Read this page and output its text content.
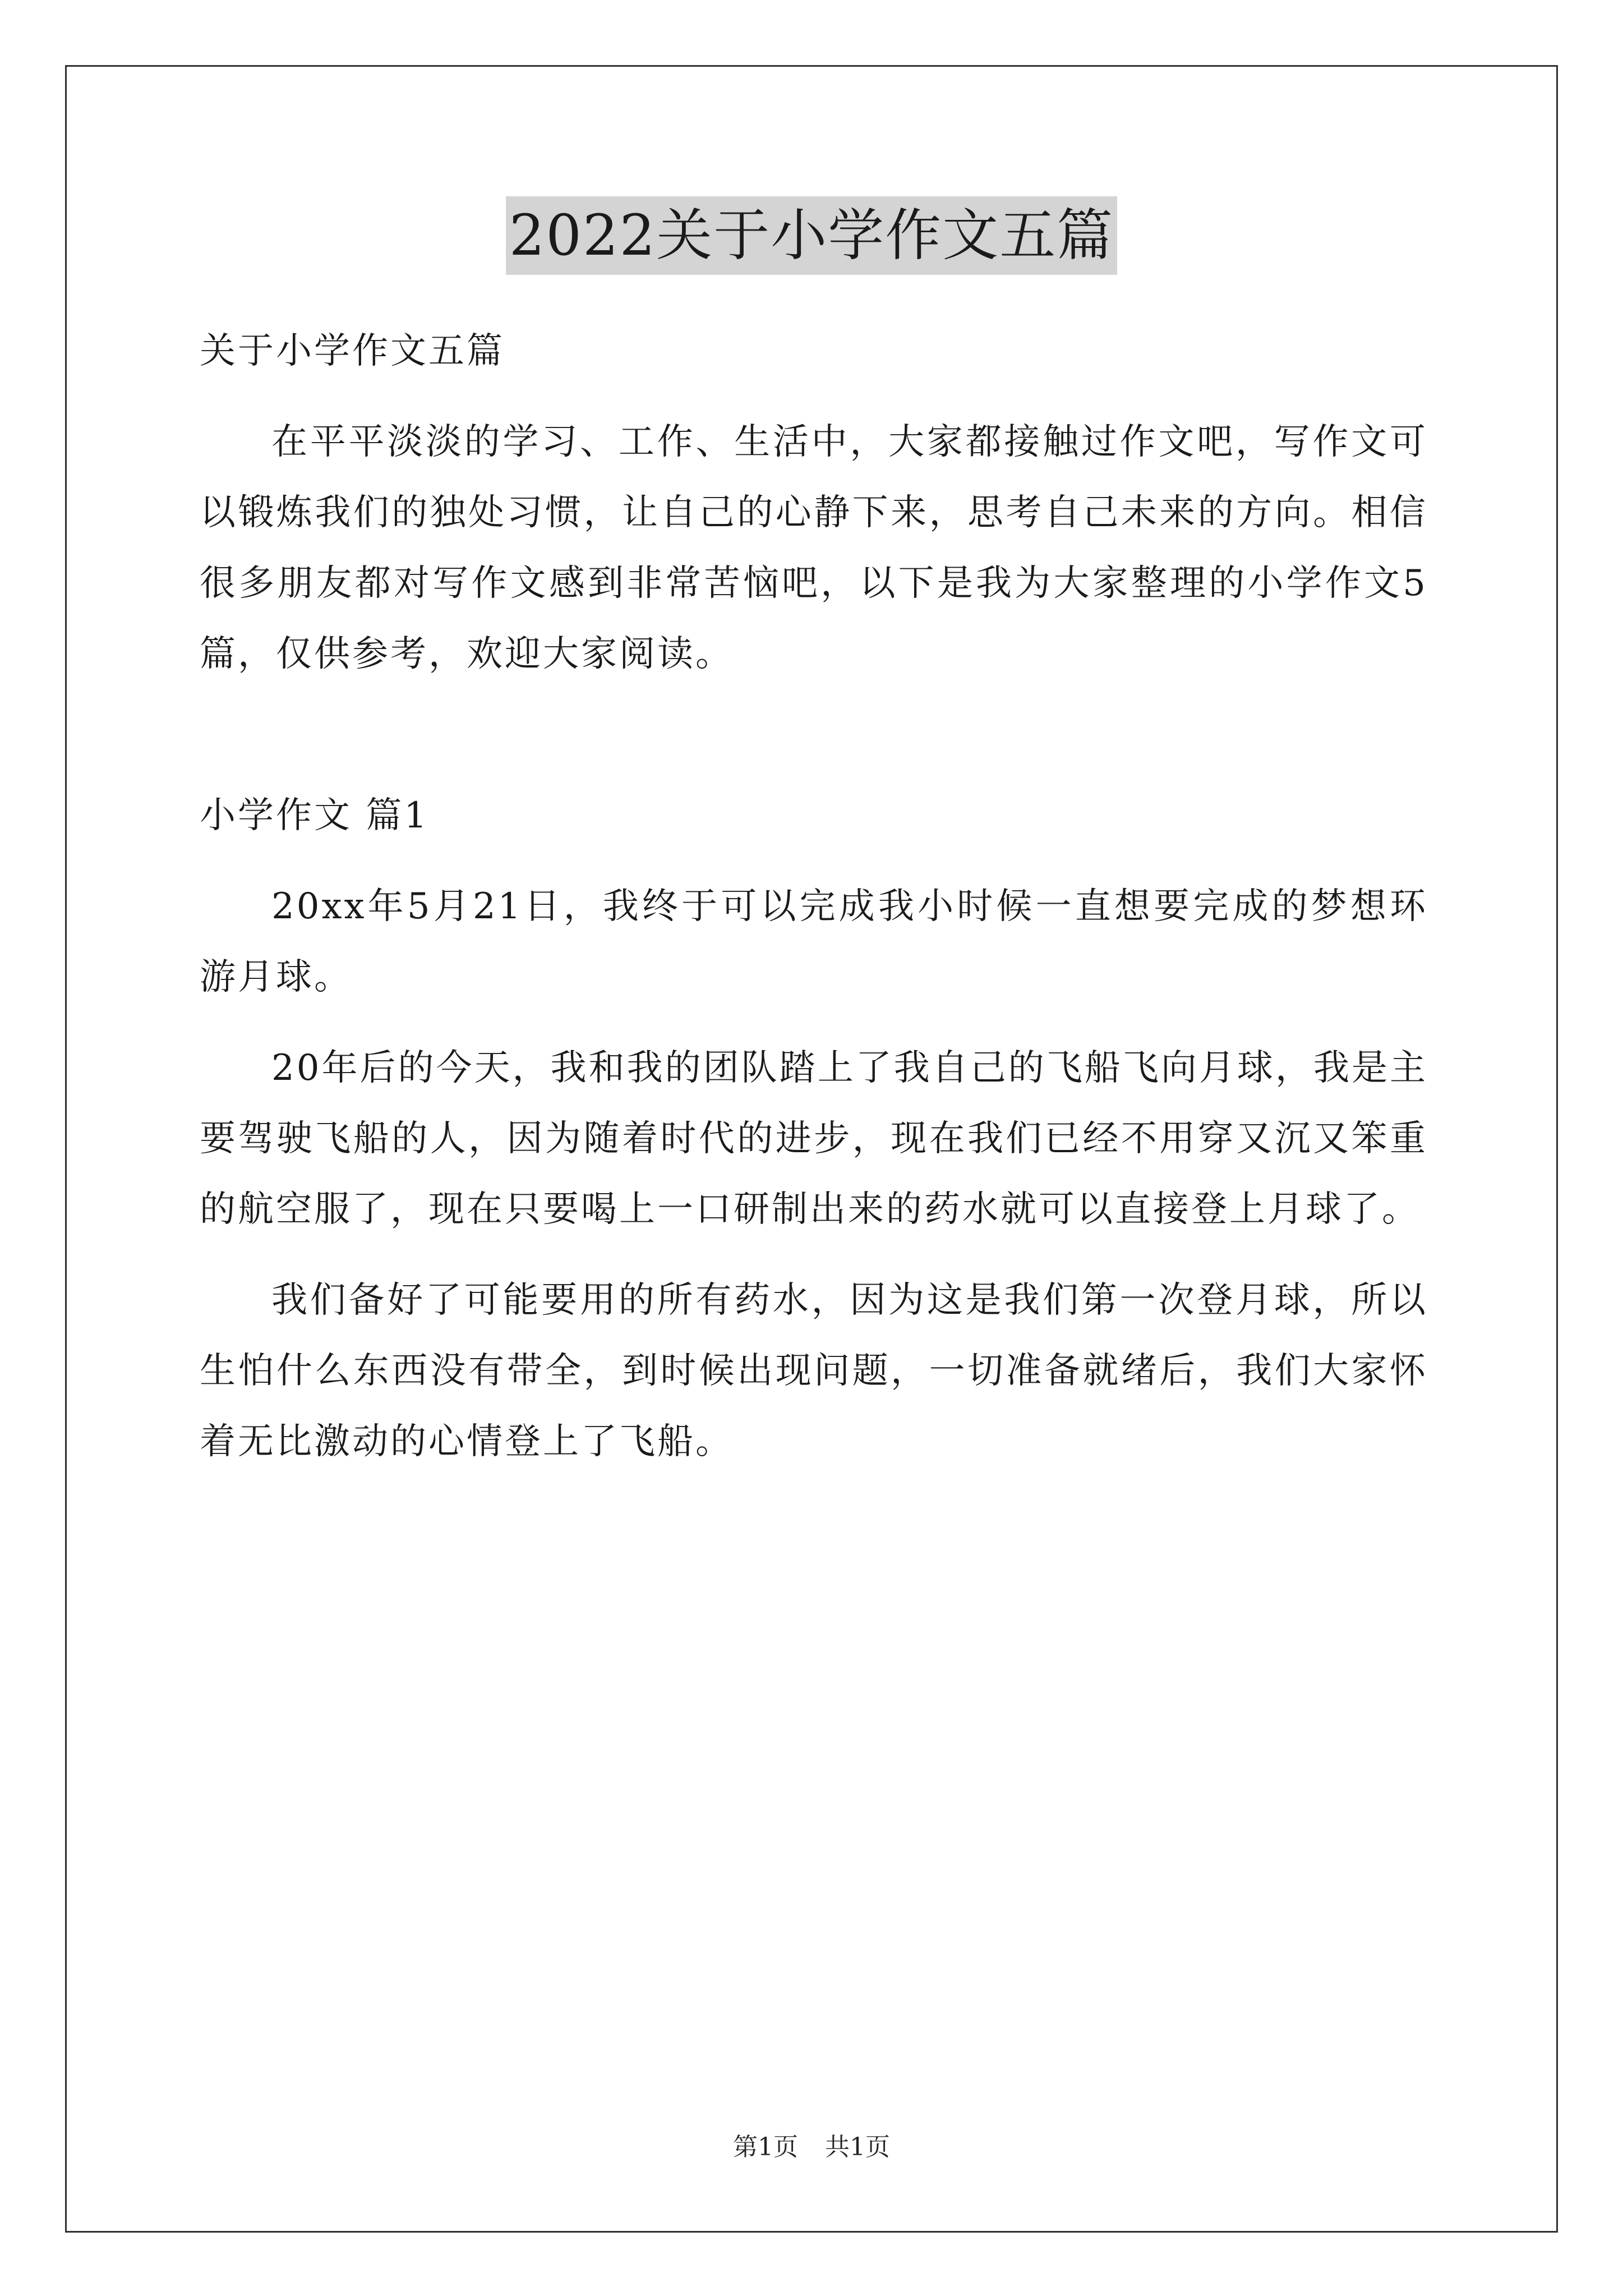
2022关于小学作文五篇

关于小学作文五篇

在平平淡淡的学习、工作、生活中，大家都接触过作文吧，写作文可以锻炼我们的独处习惯，让自己的心静下来，思考自己未来的方向。相信很多朋友都对写作文感到非常苦恼吧，以下是我为大家整理的小学作文5篇，仅供参考，欢迎大家阅读。

小学作文 篇1

20xx年5月21日，我终于可以完成我小时候一直想要完成的梦想环游月球。

20年后的今天，我和我的团队踏上了我自己的飞船飞向月球，我是主要驾驶飞船的人，因为随着时代的进步，现在我们已经不用穿又沉又笨重的航空服了，现在只要喝上一口研制出来的药水就可以直接登上月球了。

我们备好了可能要用的所有药水，因为这是我们第一次登月球，所以生怕什么东西没有带全，到时候出现问题，一切准备就绪后，我们大家怀着无比激动的心情登上了飞船。

第1页 共1页
